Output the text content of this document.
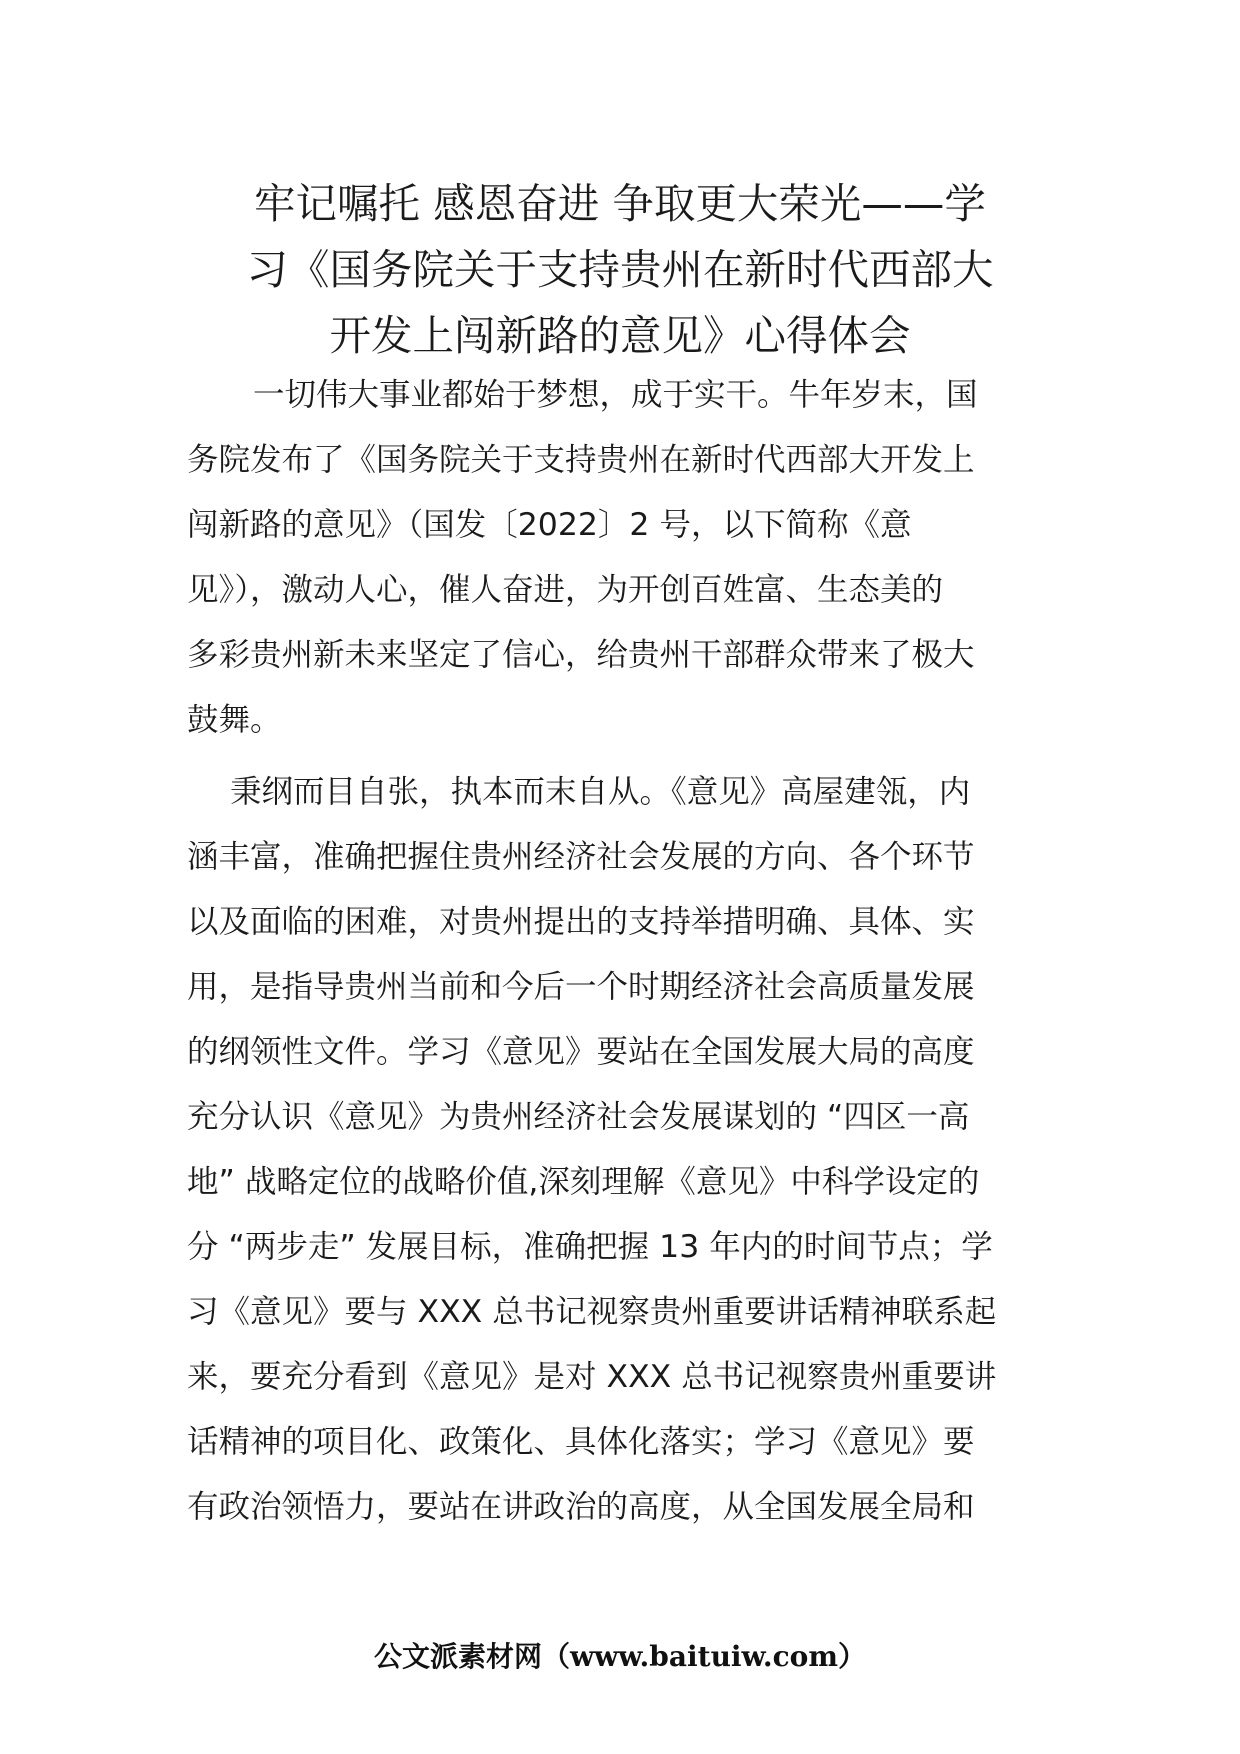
牢记嘱托 感恩奋进 争取更大荣光——学
习《国务院关于支持贵州在新时代西部大
开发上闯新路的意见》心得体会

一切伟大事业都始于梦想，成于实干。牛年岁末，国
务院发布了《国务院关于支持贵州在新时代西部大开发上
闯新路的意见》（国发〔2022〕2 号，以下简称《意
见》），激动人心，催人奋进，为开创百姓富、生态美的
多彩贵州新未来坚定了信心，给贵州干部群众带来了极大
鼓舞。

秉纲而目自张，执本而末自从。《意见》高屋建瓴，内
涵丰富，准确把握住贵州经济社会发展的方向、各个环节
以及面临的困难，对贵州提出的支持举措明确、具体、实
用，是指导贵州当前和今后一个时期经济社会高质量发展
的纲领性文件。学习《意见》要站在全国发展大局的高度
充分认识《意见》为贵州经济社会发展谋划的 “四区一高
地” 战略定位的战略价值,深刻理解《意见》中科学设定的
分 “两步走” 发展目标，准确把握 13 年内的时间节点；学
习《意见》要与 XXX 总书记视察贵州重要讲话精神联系起
来，要充分看到《意见》是对 XXX 总书记视察贵州重要讲
话精神的项目化、政策化、具体化落实；学习《意见》要
有政治领悟力，要站在讲政治的高度，从全国发展全局和

公文派素材网（www.baituiw.com）
